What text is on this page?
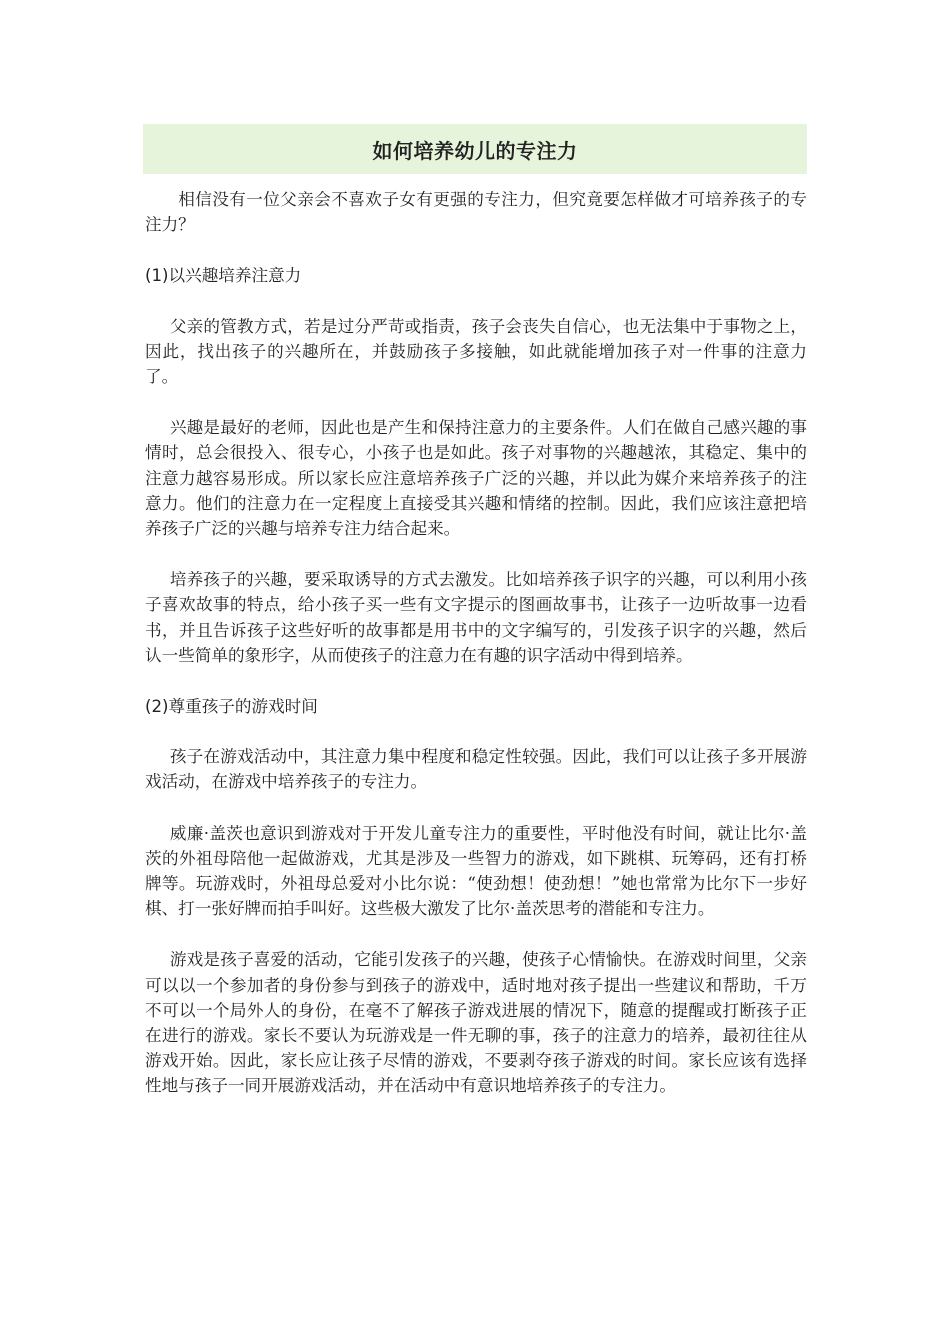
如何培养幼儿的专注力

相信没有一位父亲会不喜欢子女有更强的专注力，但究竟要怎样做才可培养孩子的专注力？

(1)以兴趣培养注意力

父亲的管教方式，若是过分严苛或指责，孩子会丧失自信心，也无法集中于事物之上，因此，找出孩子的兴趣所在，并鼓励孩子多接触，如此就能增加孩子对一件事的注意力了。

兴趣是最好的老师，因此也是产生和保持注意力的主要条件。人们在做自己感兴趣的事情时，总会很投入、很专心，小孩子也是如此。孩子对事物的兴趣越浓，其稳定、集中的注意力越容易形成。所以家长应注意培养孩子广泛的兴趣，并以此为媒介来培养孩子的注意力。他们的注意力在一定程度上直接受其兴趣和情绪的控制。因此，我们应该注意把培养孩子广泛的兴趣与培养专注力结合起来。

培养孩子的兴趣，要采取诱导的方式去激发。比如培养孩子识字的兴趣，可以利用小孩子喜欢故事的特点，给小孩子买一些有文字提示的图画故事书，让孩子一边听故事一边看书，并且告诉孩子这些好听的故事都是用书中的文字编写的，引发孩子识字的兴趣，然后认一些简单的象形字，从而使孩子的注意力在有趣的识字活动中得到培养。

(2)尊重孩子的游戏时间

孩子在游戏活动中，其注意力集中程度和稳定性较强。因此，我们可以让孩子多开展游戏活动，在游戏中培养孩子的专注力。

威廉·盖茨也意识到游戏对于开发儿童专注力的重要性，平时他没有时间，就让比尔·盖茨的外祖母陪他一起做游戏，尤其是涉及一些智力的游戏，如下跳棋、玩筹码，还有打桥牌等。玩游戏时，外祖母总爱对小比尔说：“使劲想！使劲想！”她也常常为比尔下一步好棋、打一张好牌而拍手叫好。这些极大激发了比尔·盖茨思考的潜能和专注力。

游戏是孩子喜爱的活动，它能引发孩子的兴趣，使孩子心情愉快。在游戏时间里，父亲可以以一个参加者的身份参与到孩子的游戏中，适时地对孩子提出一些建议和帮助，千万不可以一个局外人的身份，在毫不了解孩子游戏进展的情况下，随意的提醒或打断孩子正在进行的游戏。家长不要认为玩游戏是一件无聊的事，孩子的注意力的培养，最初往往从游戏开始。因此，家长应让孩子尽情的游戏，不要剥夺孩子游戏的时间。家长应该有选择性地与孩子一同开展游戏活动，并在活动中有意识地培养孩子的专注力。
